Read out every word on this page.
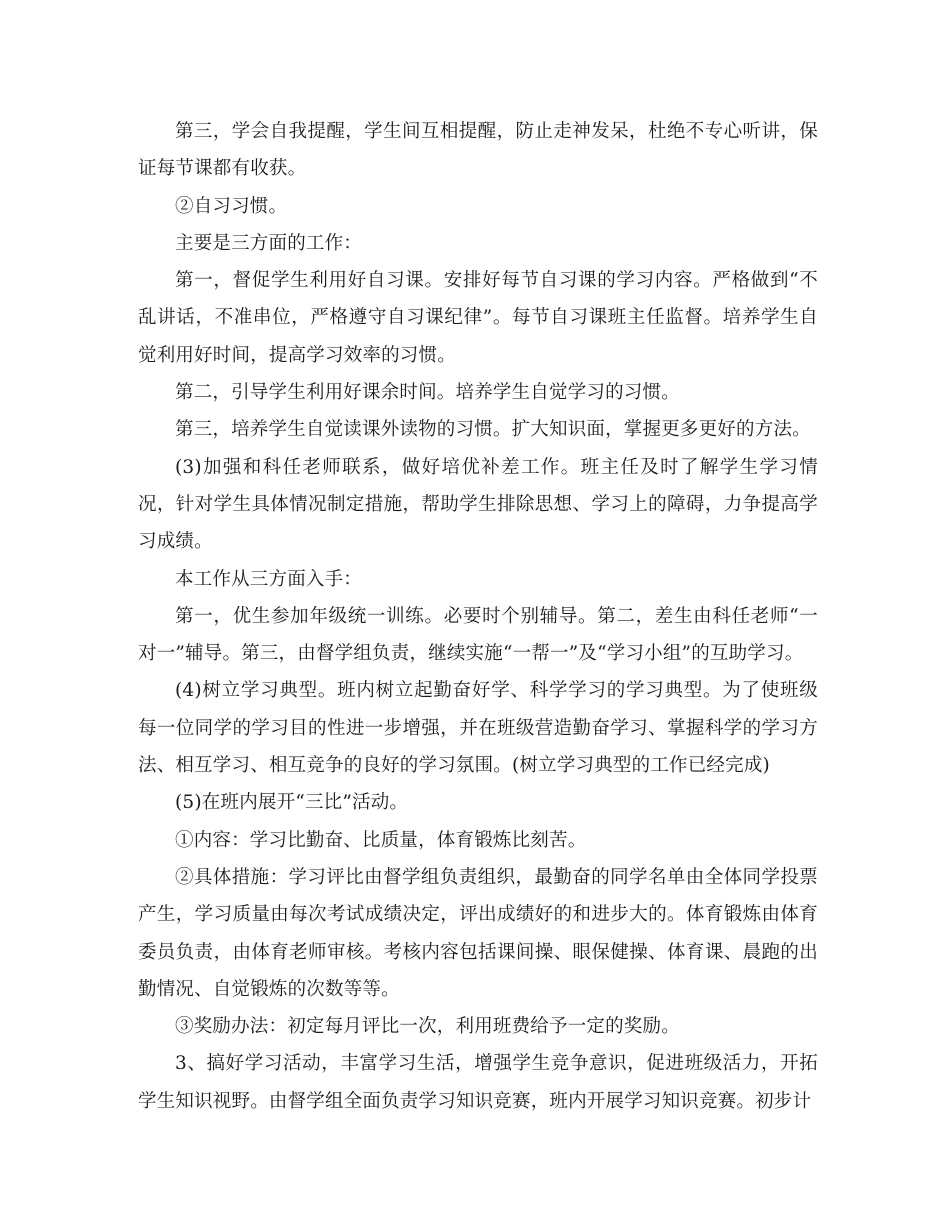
第三，学会自我提醒，学生间互相提醒，防止走神发呆，杜绝不专心听讲，保证每节课都有收获。

②自习习惯。

主要是三方面的工作：

第一，督促学生利用好自习课。安排好每节自习课的学习内容。严格做到“不乱讲话，不准串位，严格遵守自习课纪律”。每节自习课班主任监督。培养学生自觉利用好时间，提高学习效率的习惯。

第二，引导学生利用好课余时间。培养学生自觉学习的习惯。

第三，培养学生自觉读课外读物的习惯。扩大知识面，掌握更多更好的方法。

(3)加强和科任老师联系，做好培优补差工作。班主任及时了解学生学习情况，针对学生具体情况制定措施，帮助学生排除思想、学习上的障碍，力争提高学习成绩。

本工作从三方面入手：

第一，优生参加年级统一训练。必要时个别辅导。第二，差生由科任老师“一对一”辅导。第三，由督学组负责，继续实施“一帮一”及“学习小组”的互助学习。

(4)树立学习典型。班内树立起勤奋好学、科学学习的学习典型。为了使班级每一位同学的学习目的性进一步增强，并在班级营造勤奋学习、掌握科学的学习方法、相互学习、相互竞争的良好的学习氛围。(树立学习典型的工作已经完成)

(5)在班内展开“三比”活动。

①内容：学习比勤奋、比质量，体育锻炼比刻苦。

②具体措施：学习评比由督学组负责组织，最勤奋的同学名单由全体同学投票产生，学习质量由每次考试成绩决定，评出成绩好的和进步大的。体育锻炼由体育委员负责，由体育老师审核。考核内容包括课间操、眼保健操、体育课、晨跑的出勤情况、自觉锻炼的次数等等。

③奖励办法：初定每月评比一次，利用班费给予一定的奖励。

3、搞好学习活动，丰富学习生活，增强学生竞争意识，促进班级活力，开拓学生知识视野。由督学组全面负责学习知识竞赛，班内开展学习知识竞赛。初步计
